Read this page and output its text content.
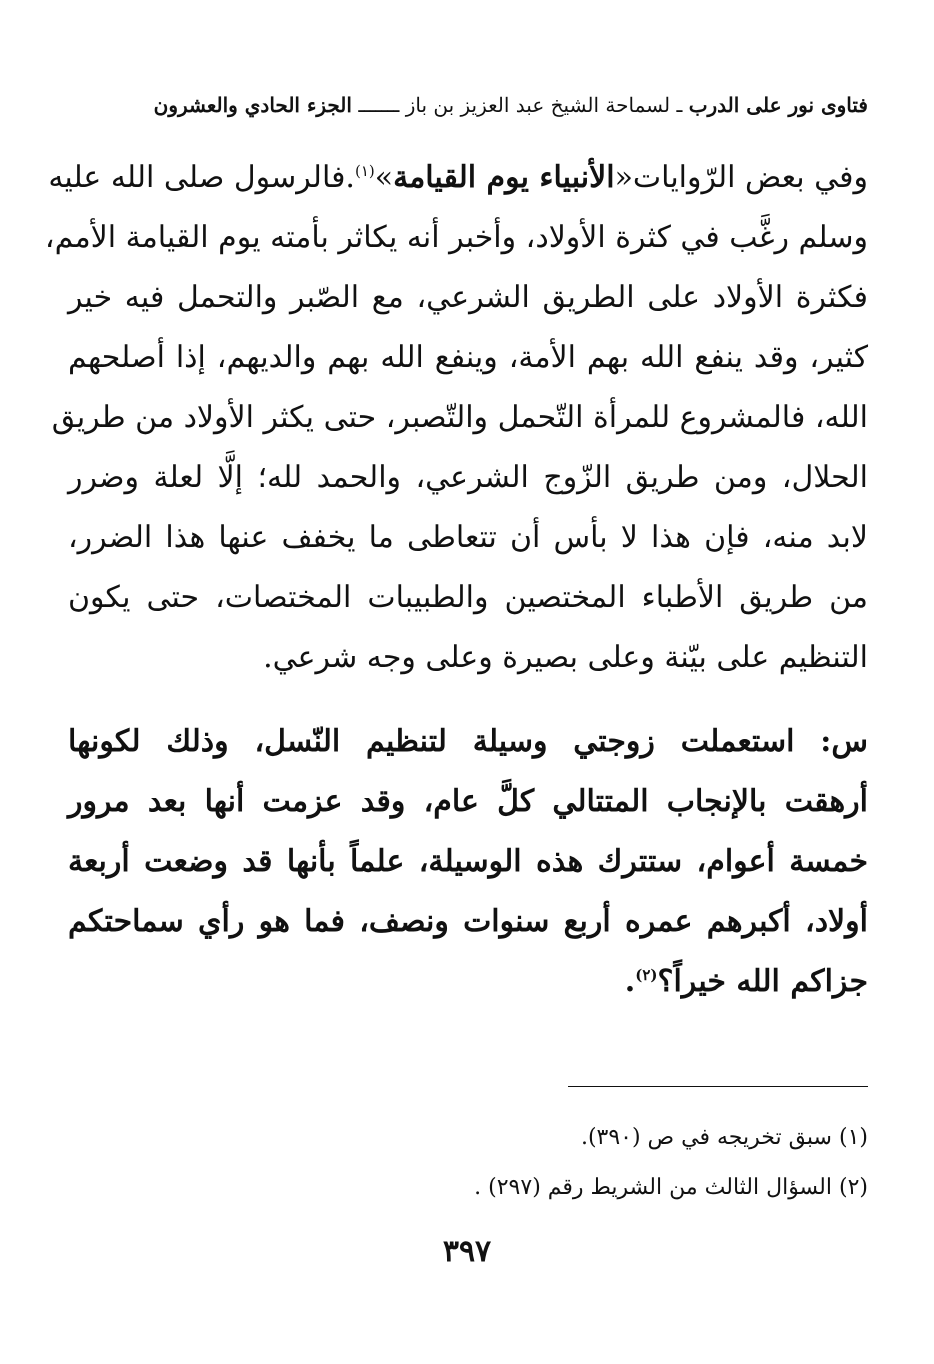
فتاوى نور على الدرب ـ لسماحة الشيخ عبد العزيز بن باز ـــــــ الجزء الحادي والعشرون
وفي بعض الرّوايات«الأنبياء يوم القيامة»$^{(١)}$.فالرسول صلى الله عليه
وسلم رغَّب في كثرة الأولاد، وأخبر أنه يكاثر بأمته يوم القيامة الأمم،
فكثرة الأولاد على الطريق الشرعي، مع الصّبر والتحمل فيه خير
كثير، وقد ينفع الله بهم الأمة، وينفع الله بهم والديهم، إذا أصلحهم
الله، فالمشروع للمرأة التّحمل والتّصبر، حتى يكثر الأولاد من طريق
الحلال، ومن طريق الزّوج الشرعي، والحمد لله؛ إلَّا لعلة وضرر
لابد منه، فإن هذا لا بأس أن تتعاطى ما يخفف عنها هذا الضرر،
من طريق الأطباء المختصين والطبيبات المختصات، حتى يكون
التنظيم على بيّنة وعلى بصيرة وعلى وجه شرعي.
س: استعملت زوجتي وسيلة لتنظيم النّسل، وذلك لكونها
أرهقت بالإنجاب المتتالي كلَّ عام، وقد عزمت أنها بعد مرور
خمسة أعوام، ستترك هذه الوسيلة، علماً بأنها قد وضعت أربعة
أولاد، أكبرهم عمره أربع سنوات ونصف، فما هو رأي سماحتكم
جزاكم الله خيراً؟$^{(٢)}$.
(١) سبق تخريجه في ص (٣٩٠).
(٢) السؤال الثالث من الشريط رقم (٢٩٧) .
٣٩٧
